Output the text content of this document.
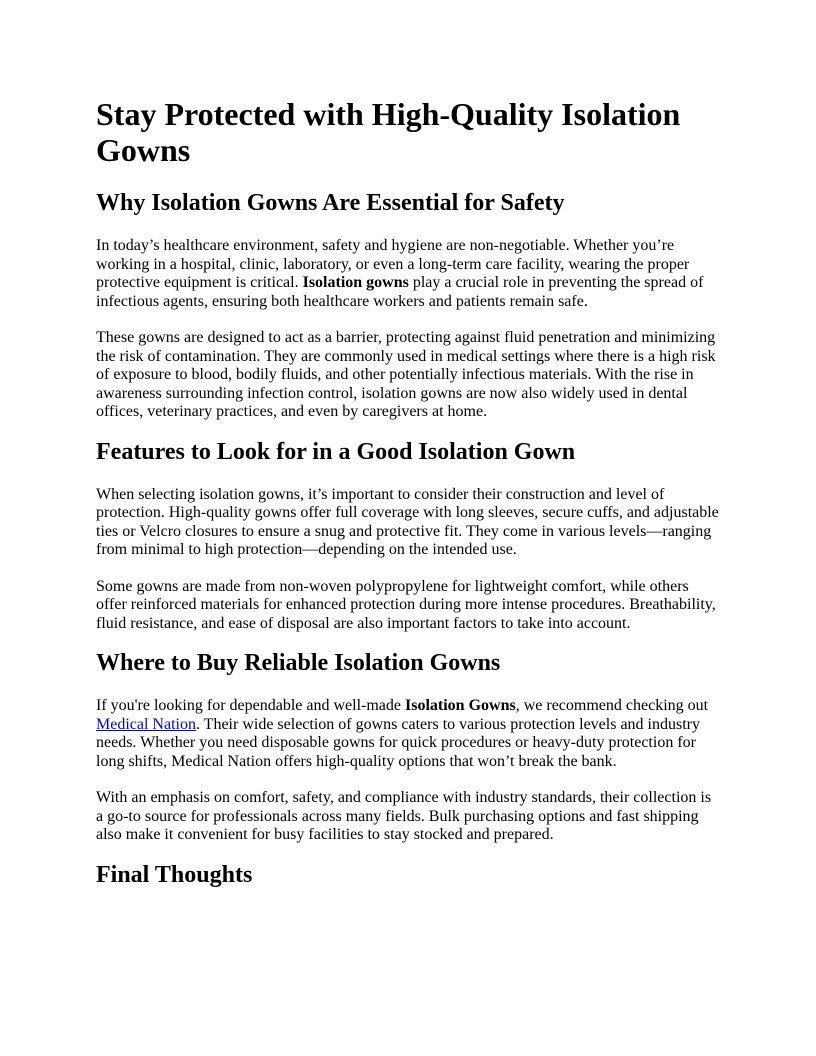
Stay Protected with High-Quality Isolation Gowns
Why Isolation Gowns Are Essential for Safety

In today’s healthcare environment, safety and hygiene are non-negotiable. Whether you’re working in a hospital, clinic, laboratory, or even a long-term care facility, wearing the proper protective equipment is critical. Isolation gowns play a crucial role in preventing the spread of infectious agents, ensuring both healthcare workers and patients remain safe.

These gowns are designed to act as a barrier, protecting against fluid penetration and minimizing the risk of contamination. They are commonly used in medical settings where there is a high risk of exposure to blood, bodily fluids, and other potentially infectious materials. With the rise in awareness surrounding infection control, isolation gowns are now also widely used in dental offices, veterinary practices, and even by caregivers at home.

Features to Look for in a Good Isolation Gown

When selecting isolation gowns, it’s important to consider their construction and level of protection. High-quality gowns offer full coverage with long sleeves, secure cuffs, and adjustable ties or Velcro closures to ensure a snug and protective fit. They come in various levels—ranging from minimal to high protection—depending on the intended use.

Some gowns are made from non-woven polypropylene for lightweight comfort, while others offer reinforced materials for enhanced protection during more intense procedures. Breathability, fluid resistance, and ease of disposal are also important factors to take into account.

Where to Buy Reliable Isolation Gowns

If you're looking for dependable and well-made Isolation Gowns, we recommend checking out Medical Nation. Their wide selection of gowns caters to various protection levels and industry needs. Whether you need disposable gowns for quick procedures or heavy-duty protection for long shifts, Medical Nation offers high-quality options that won’t break the bank.

With an emphasis on comfort, safety, and compliance with industry standards, their collection is a go-to source for professionals across many fields. Bulk purchasing options and fast shipping also make it convenient for busy facilities to stay stocked and prepared.

Final Thoughts
